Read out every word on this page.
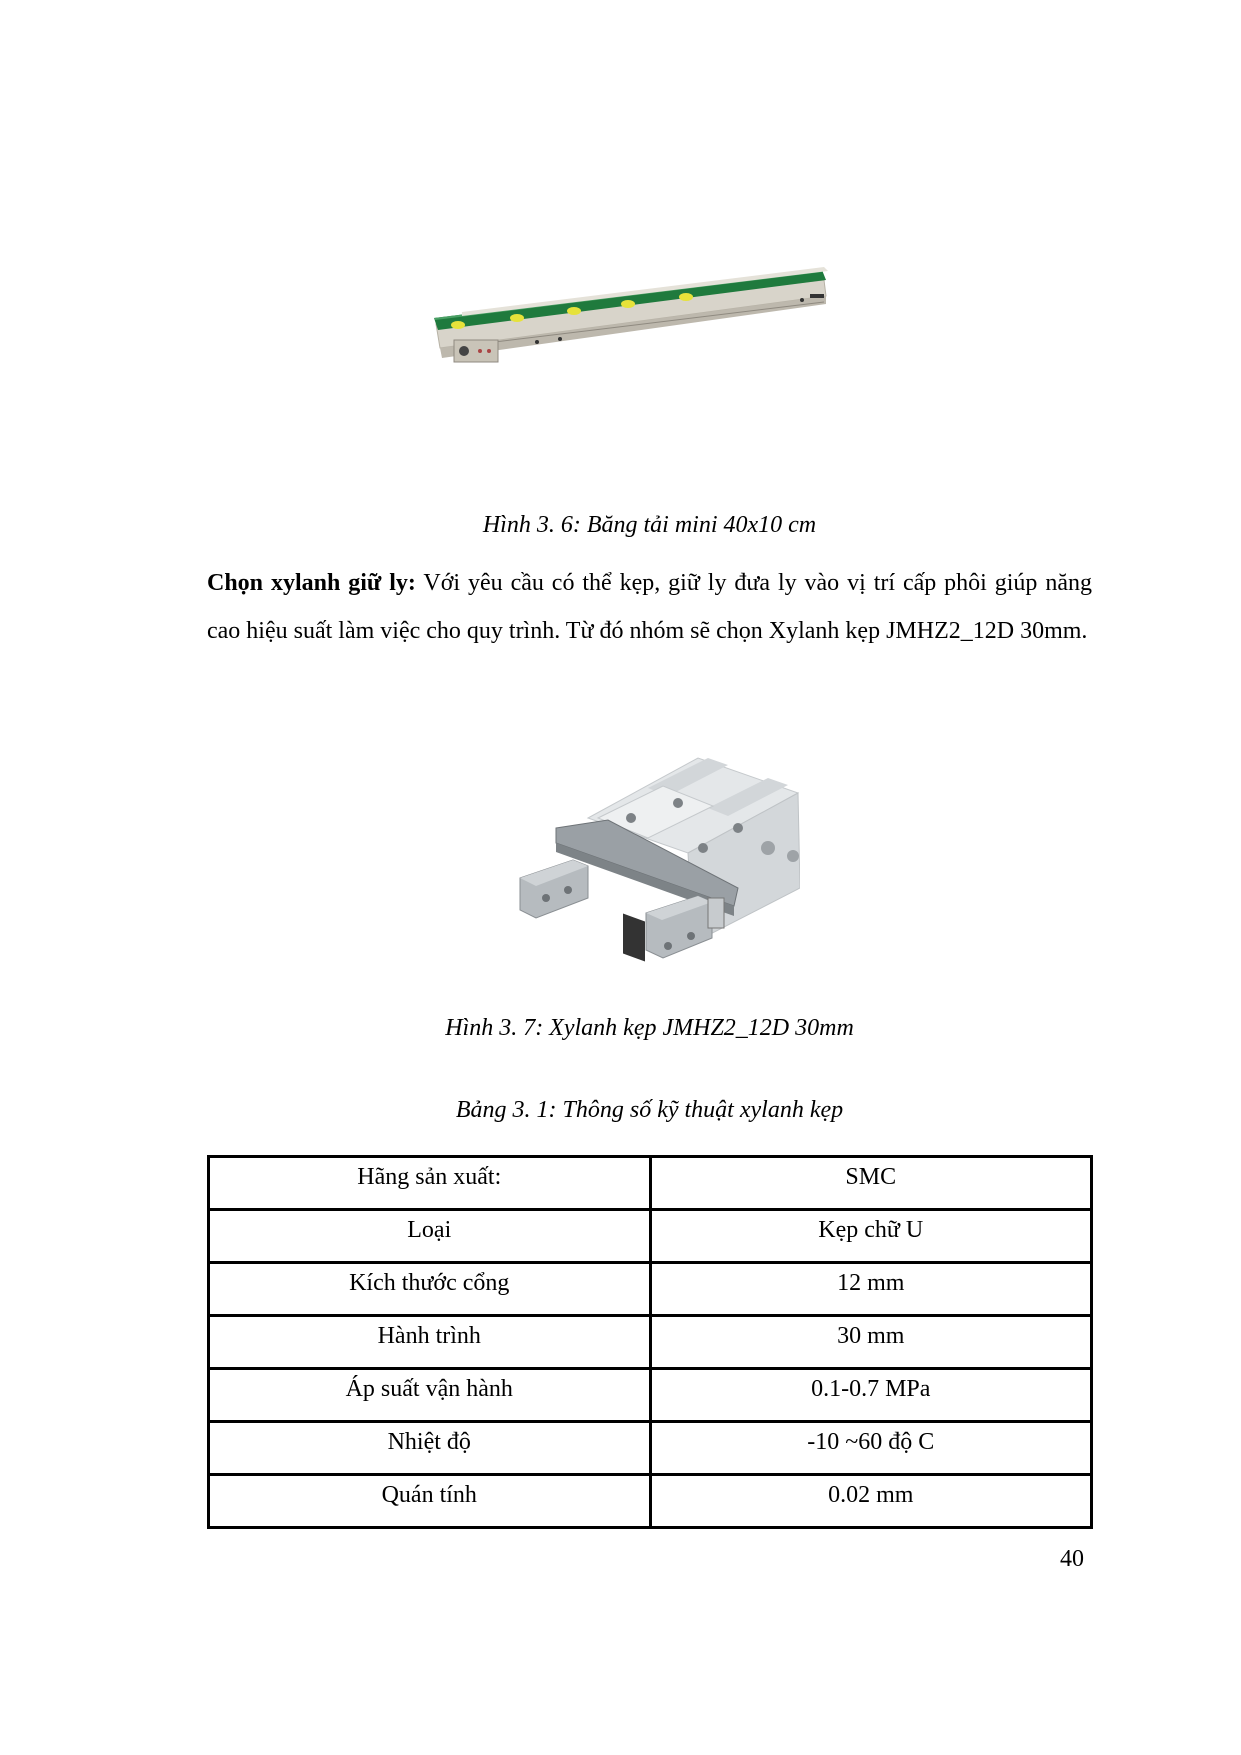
Hình 3. 6: Băng tải mini 40x10 cm
Chọn xylanh giữ ly: Với yêu cầu có thể kẹp, giữ ly đưa ly vào vị trí cấp phôi giúp năng cao hiệu suất làm việc cho quy trình. Từ đó nhóm sẽ chọn Xylanh kẹp JMHZ2_12D 30mm.
Hình 3. 7: Xylanh kẹp JMHZ2_12D 30mm
Bảng 3. 1: Thông số kỹ thuật xylanh kẹp
Hãng sản xuất:	SMC
Loại	Kẹp chữ U
Kích thước cổng	12 mm
Hành trình	30 mm
Áp suất vận hành	0.1-0.7 MPa
Nhiệt độ	-10 ~60 độ C
Quán tính	0.02 mm
40
